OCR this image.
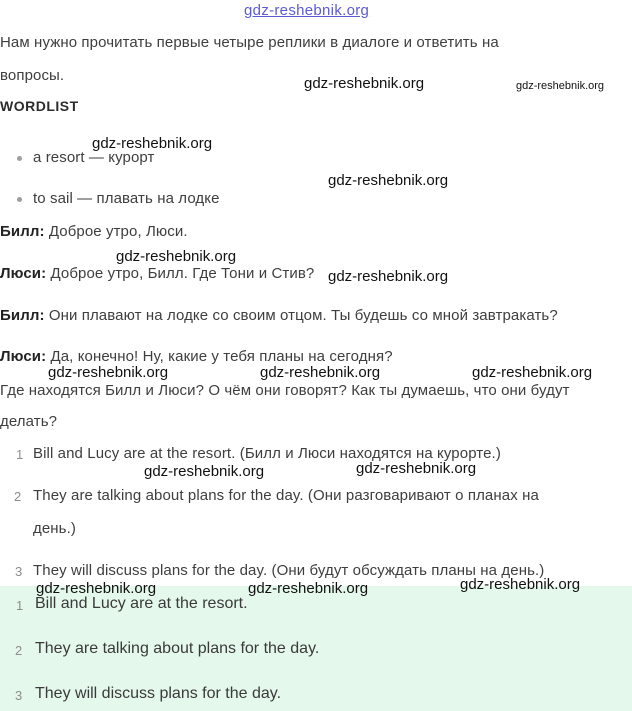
gdz-reshebnik.org
Нам нужно прочитать первые четыре реплики в диалоге и ответить на
вопросы.
WORDLIST
a resort — курорт
to sail — плавать на лодке
Билл: Доброе утро, Люси.
Люси: Доброе утро, Билл. Где Тони и Стив?
Билл: Они плавают на лодке со своим отцом. Ты будешь со мной завтракать?
Люси: Да, конечно! Ну, какие у тебя планы на сегодня?
Где находятся Билл и Люси? О чём они говорят? Как ты думаешь, что они будут
делать?
1 Bill and Lucy are at the resort. (Билл и Люси находятся на курорте.)
2 They are talking about plans for the day. (Они разговаривают о планах на
день.)
3 They will discuss plans for the day. (Они будут обсуждать планы на день.)
1 Bill and Lucy are at the resort.
2 They are talking about plans for the day.
3 They will discuss plans for the day.
gdz-reshebnik.org	gdz-reshebnik.org
gdz-reshebnik.org
gdz-reshebnik.org
gdz-reshebnik.org
gdz-reshebnik.org
gdz-reshebnik.org	gdz-reshebnik.org	gdz-reshebnik.org
gdz-reshebnik.org	gdz-reshebnik.org
gdz-reshebnik.org	gdz-reshebnik.org	gdz-reshebnik.org
